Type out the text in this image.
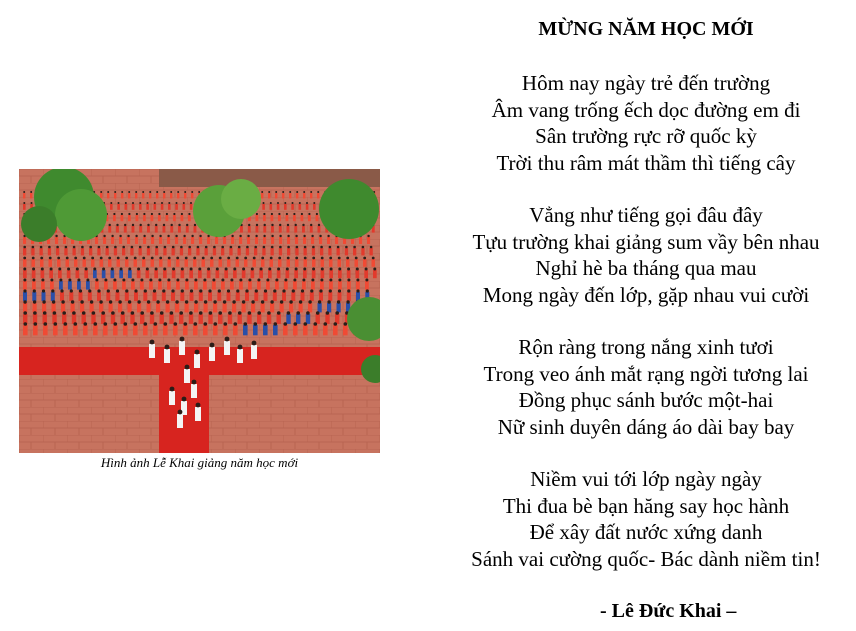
Hình ảnh Lễ Khai giảng năm học mới
MỪNG NĂM HỌC MỚI
Hôm nay ngày trẻ đến trường
Âm vang trống ếch dọc đường em đi
Sân trường rực rỡ quốc kỳ
Trời thu râm mát thầm thì tiếng cây
Vẳng như tiếng gọi đâu đây
Tựu trường khai giảng sum vầy bên nhau
Nghỉ hè ba tháng qua mau
Mong ngày đến lớp, gặp nhau vui cười
Rộn ràng trong nắng xinh tươi
Trong veo ánh mắt rạng ngời tương lai
Đồng phục sánh bước một-hai
Nữ sinh duyên dáng áo dài bay bay
Niềm vui tới lớp ngày ngày
Thi đua bè bạn hăng say học hành
Để xây đất nước xứng danh
Sánh vai cường quốc- Bác dành niềm tin!
- Lê Đức Khai –
